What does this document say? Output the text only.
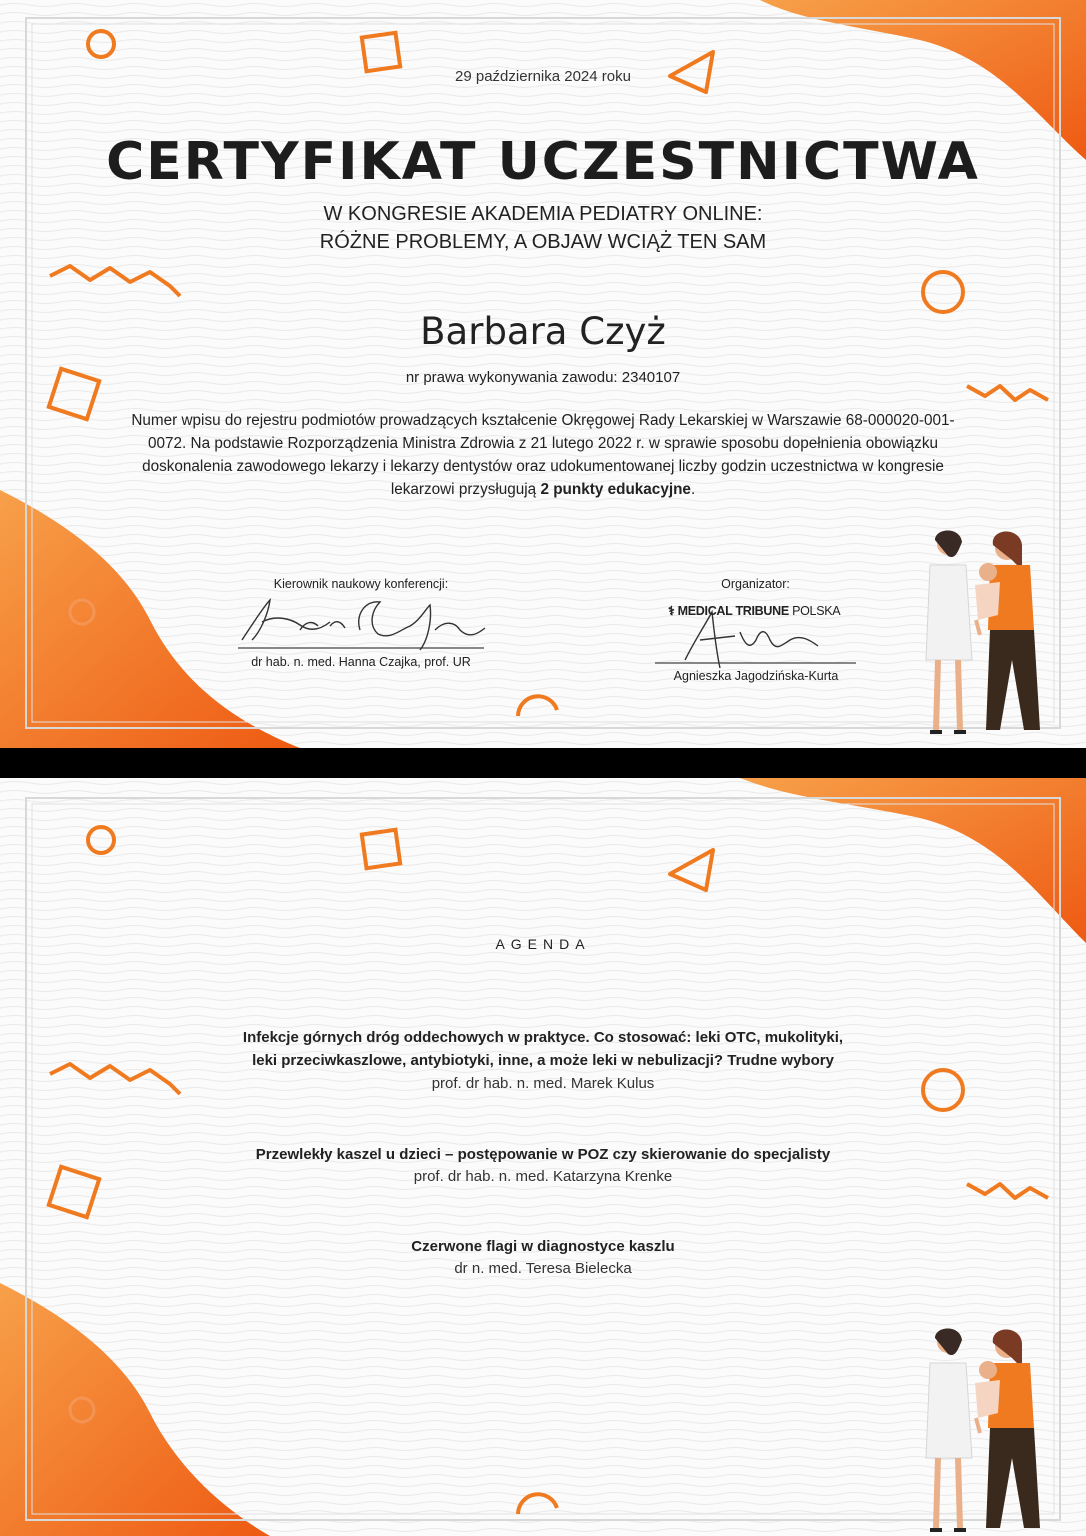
29 października 2024 roku
CERTYFIKAT UCZESTNICTWA
W KONGRESIE AKADEMIA PEDIATRY ONLINE:
RÓŻNE PROBLEMY, A OBJAW WCIĄŻ TEN SAM
Barbara Czyż
nr prawa wykonywania zawodu: 2340107
Numer wpisu do rejestru podmiotów prowadzących kształcenie Okręgowej Rady Lekarskiej w Warszawie 68-000020-001-0072. Na podstawie Rozporządzenia Ministra Zdrowia z 21 lutego 2022 r. w sprawie sposobu dopełnienia obowiązku doskonalenia zawodowego lekarzy i lekarzy dentystów oraz udokumentowanej liczby godzin uczestnictwa w kongresie lekarzowi przysługują 2 punkty edukacyjne.
Kierownik naukowy konferencji:
dr hab. n. med. Hanna Czajka, prof. UR
Organizator:
⚕ MEDICAL TRIBUNE POLSKA
Agnieszka Jagodzińska-Kurta
AGENDA
Infekcje górnych dróg oddechowych w praktyce. Co stosować: leki OTC, mukolityki,
leki przeciwkaszlowe, antybiotyki, inne, a może leki w nebulizacji? Trudne wybory
prof. dr hab. n. med. Marek Kulus
Przewlekły kaszel u dzieci – postępowanie w POZ czy skierowanie do specjalisty
prof. dr hab. n. med. Katarzyna Krenke
Czerwone flagi w diagnostyce kaszlu
dr n. med. Teresa Bielecka
